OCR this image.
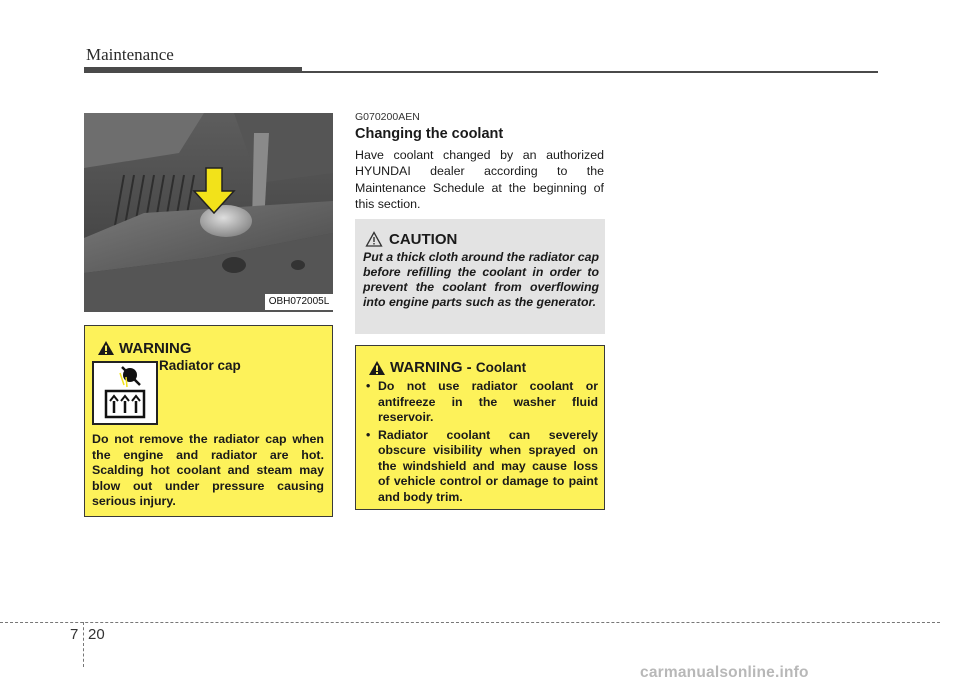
Maintenance
OBH072005L
WARNING
Radiator cap
Do not remove the radiator cap when the engine and radiator are hot. Scalding hot coolant and steam may blow out under pressure causing serious injury.
G070200AEN
Changing the coolant
Have coolant changed by an authorized HYUNDAI dealer according to the Maintenance Schedule at the beginning of this section.
CAUTION
Put a thick cloth around the radiator cap before refilling the coolant in order to prevent the coolant from overflowing into engine parts such as the generator.
WARNING - Coolant
• Do not use radiator coolant or antifreeze in the washer fluid reservoir.
• Radiator coolant can severely obscure visibility when sprayed on the windshield and may cause loss of vehicle control or damage to paint and body trim.
7 20
carmanualsonline.info
